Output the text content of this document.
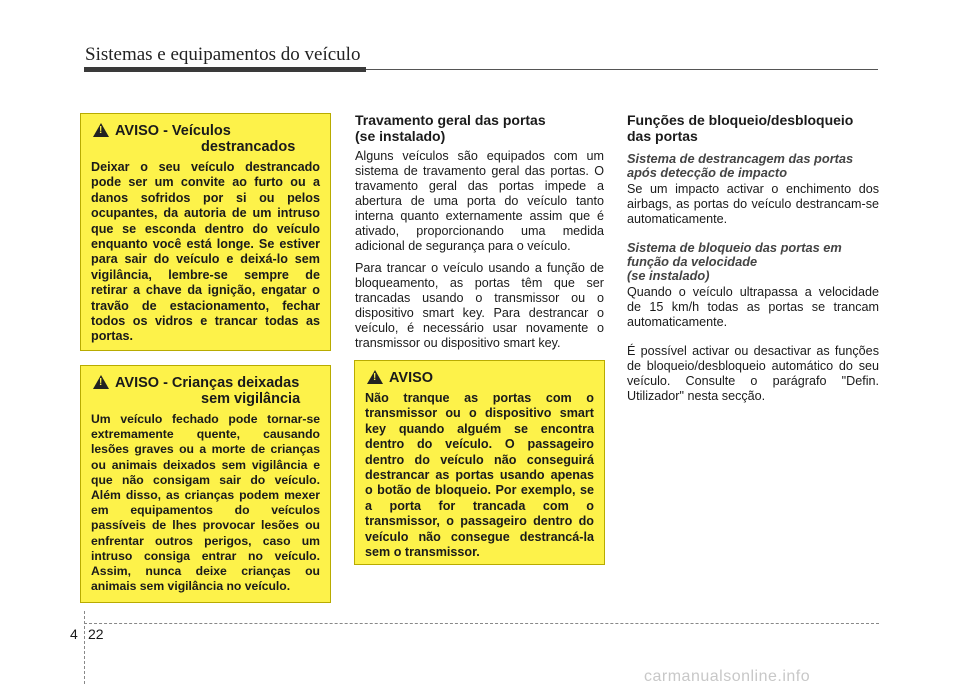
Sistemas e equipamentos do veículo
! AVISO - Veículos
destrancados
Deixar o seu veículo destrancado pode ser um convite ao furto ou a danos sofridos por si ou pelos ocupantes, da autoria de um intruso que se esconda dentro do veículo enquanto você está longe. Se estiver para sair do veículo e deixá-lo sem vigilância, lembre-se sempre de retirar a chave da ignição, engatar o travão de estacionamento, fechar todos os vidros e trancar todas as portas.
! AVISO - Crianças deixadas
sem vigilância
Um veículo fechado pode tornar-se extremamente quente, causando lesões graves ou a morte de crianças ou animais deixados sem vigilância e que não consigam sair do veículo. Além disso, as crianças podem mexer em equipamentos do veículos passíveis de lhes provocar lesões ou enfrentar outros perigos, caso um intruso consiga entrar no veículo. Assim, nunca deixe crianças ou animais sem vigilância no veículo.
Travamento geral das portas
(se instalado)
Alguns veículos são equipados com um sistema de travamento geral das portas. O travamento geral das portas impede a abertura de uma porta do veículo tanto interna quanto externamente assim que é ativado, proporcionando uma medida adicional de segurança para o veículo.
Para trancar o veículo usando a função de bloqueamento, as portas têm que ser trancadas usando o transmissor ou o dispositivo smart key. Para destrancar o veículo, é necessário usar novamente o transmissor ou dispositivo smart key.
! AVISO
Não tranque as portas com o transmissor ou o dispositivo smart key quando alguém se encontra dentro do veículo. O passageiro dentro do veículo não conseguirá destrancar as portas usando apenas o botão de bloqueio. Por exemplo, se a porta for trancada com o transmissor, o passageiro dentro do veículo não consegue destrancá-la sem o transmissor.
Funções de bloqueio/desbloqueio
das portas
Sistema de destrancagem das portas
após detecção de impacto
Se um impacto activar o enchimento dos airbags, as portas do veículo destrancam-se automaticamente.
Sistema de bloqueio das portas em
função da velocidade
(se instalado)
Quando o veículo ultrapassa a velocidade de 15 km/h todas as portas se trancam automaticamente.
É possível activar ou desactivar as funções de bloqueio/desbloqueio automático do seu veículo. Consulte o parágrafo "Defin. Utilizador" nesta secção.
4 22
carmanualsonline.info
